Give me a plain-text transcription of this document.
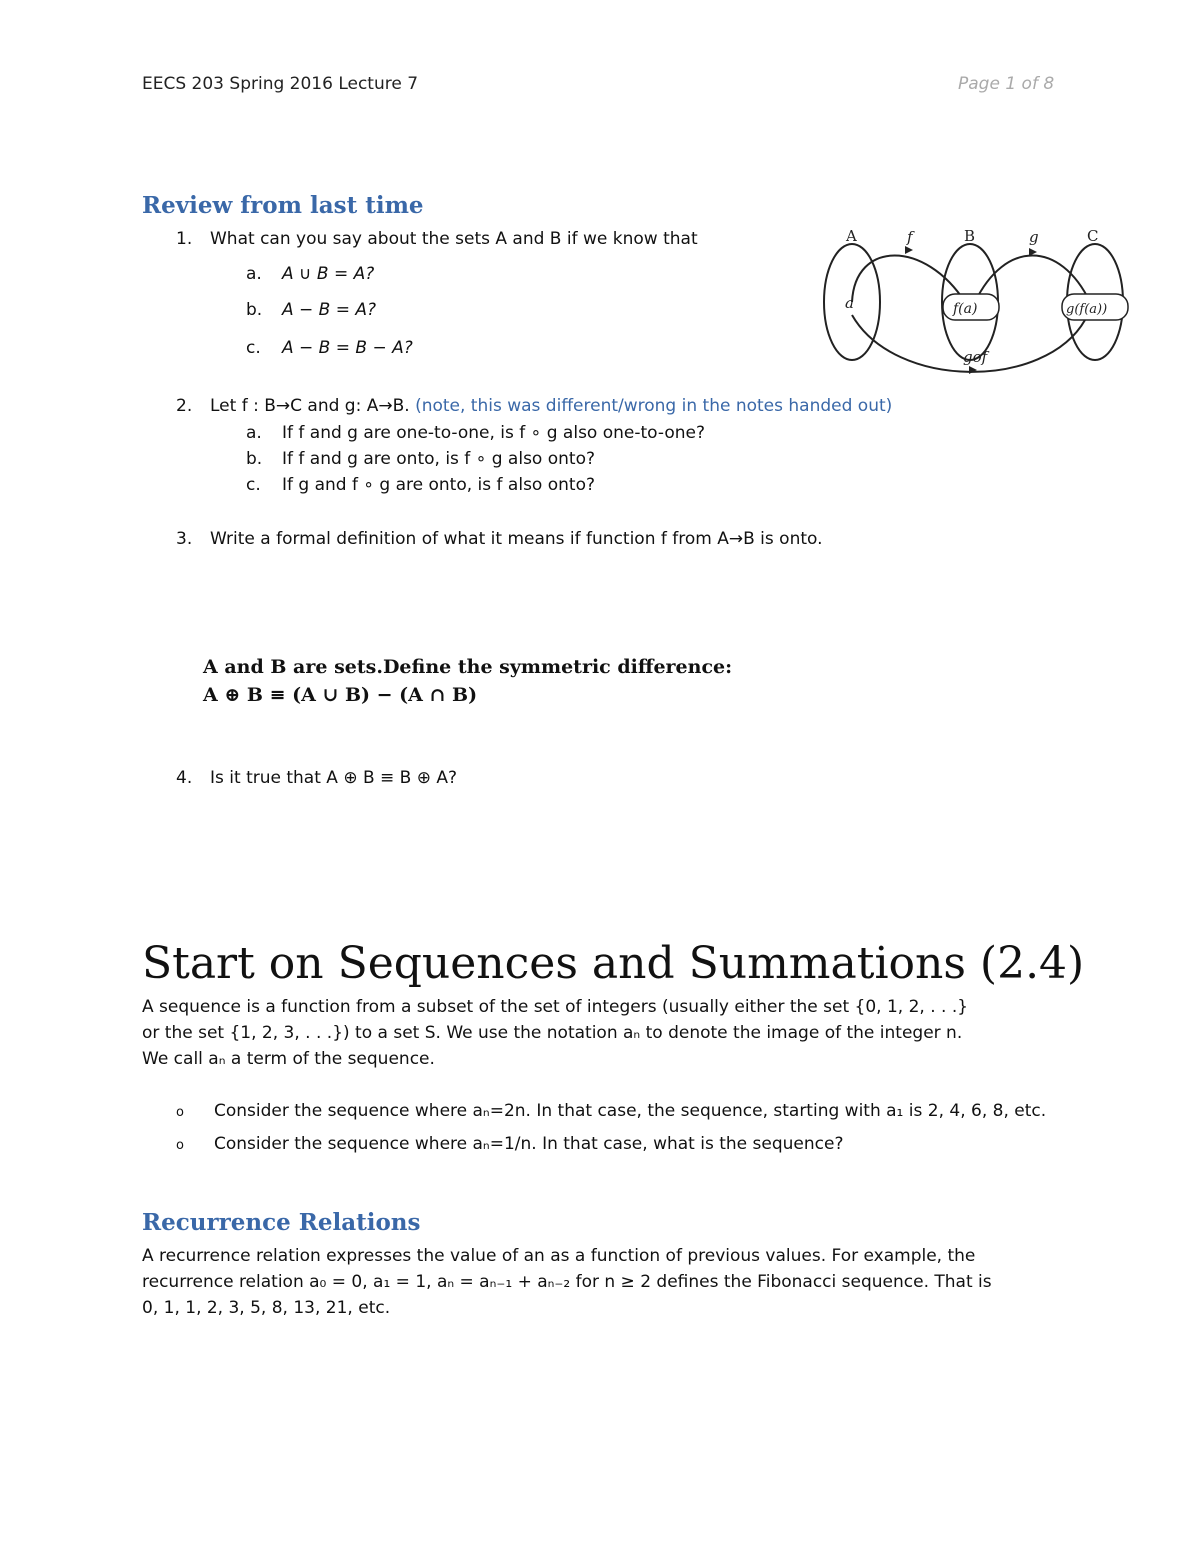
EECS 203 Spring 2016 Lecture 7	Page 1 of 8
Review from last time
1. What can you say about the sets A and B if we know that
a. A ∪ B = A?
b. A − B = A?
c. A − B = B − A?
A	B	C
f	g
gof
a	f(a)	g(f(a))
2. Let f : B→C and g: A→B. (note, this was different/wrong in the notes handed out)
a. If f and g are one-to-one, is f ∘ g also one-to-one?
b. If f and g are onto, is f ∘ g also onto?
c. If g and f ∘ g are onto, is f also onto?
3. Write a formal definition of what it means if function f from A→B is onto.
A and B are sets.Define the symmetric difference:
A ⊕ B ≡ (A ∪ B) − (A ∩ B)
4. Is it true that A ⊕ B ≡ B ⊕ A?
Start on Sequences and Summations (2.4)
A sequence is a function from a subset of the set of integers (usually either the set {0, 1, 2, . . .}
or the set {1, 2, 3, . . .}) to a set S. We use the notation aₙ to denote the image of the integer n.
We call aₙ a term of the sequence.
o Consider the sequence where aₙ=2n. In that case, the sequence, starting with a₁ is 2, 4, 6, 8, etc.
o Consider the sequence where aₙ=1/n. In that case, what is the sequence?
Recurrence Relations
A recurrence relation expresses the value of an as a function of previous values. For example, the
recurrence relation a₀ = 0, a₁ = 1, aₙ = aₙ₋₁ + aₙ₋₂ for n ≥ 2 defines the Fibonacci sequence. That is
0, 1, 1, 2, 3, 5, 8, 13, 21, etc.
